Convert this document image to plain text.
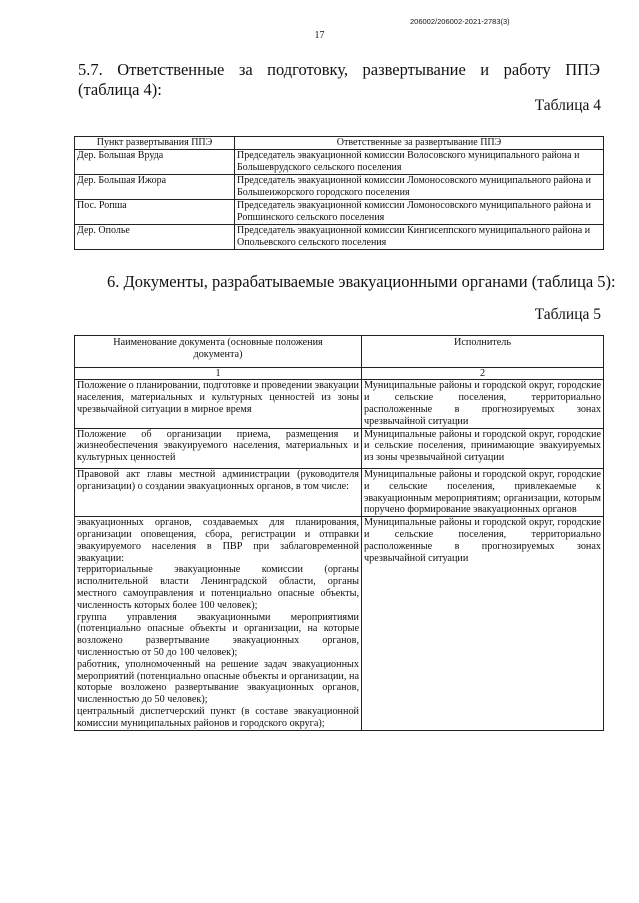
206002/206002-2021-2783(3)
17
5.7. Ответственные за подготовку, развертывание и работу ППЭ
(таблица 4):
Таблица 4
Пункт развертывания ППЭ	Ответственные за развертывание ППЭ
Дер. Большая Вруда	Председатель эвакуационной комиссии Волосовского муниципального района и Большеврудского сельского поселения
Дер. Большая Ижора	Председатель эвакуационной комиссии Ломоносовского муниципального района и Большеижорского городского поселения
Пос. Ропша	Председатель эвакуационной комиссии Ломоносовского муниципального района и Ропшинского сельского поселения
Дер. Ополье	Председатель эвакуационной комиссии Кингисеппского муниципального района и Опольевского сельского поселения
6. Документы, разрабатываемые эвакуационными органами (таблица 5):
Таблица 5
Наименование документа (основные положения документа)	Исполнитель
1	2
Положение о планировании, подготовке и проведении эвакуации населения, материальных и культурных ценностей из зоны чрезвычайной ситуации в мирное время	Муниципальные районы и городской округ, городские и сельские поселения, территориально расположенные в прогнозируемых зонах чрезвычайной ситуации
Положение об организации приема, размещения и жизнеобеспечения эвакуируемого населения, материальных и культурных ценностей	Муниципальные районы и городской округ, городские и сельские поселения, принимающие эвакуируемых из зоны чрезвычайной ситуации
Правовой акт главы местной администрации (руководителя организации) о создании эвакуационных органов, в том числе:	Муниципальные районы и городской округ, городские и сельские поселения, привлекаемые к эвакуационным мероприятиям; организации, которым поручено формирование эвакуационных органов

эвакуационных органов, создаваемых для планирования, организации оповещения, сбора, регистрации и отправки эвакуируемого населения в ПВР при заблаговременной эвакуации:

территориальные эвакуационные комиссии (органы исполнительной власти Ленинградской области, органы местного самоуправления и потенциально опасные объекты, численность которых более 100 человек);

группа управления эвакуационными мероприятиями (потенциально опасные объекты и организации, на которые возложено развертывание эвакуационных органов, численностью от 50 до 100 человек);

работник, уполномоченный на решение задач эвакуационных мероприятий (потенциально опасные объекты и организации, на которые возложено развертывание эвакуационных органов, численностью до 50 человек);

центральный диспетчерский пункт (в составе эвакуационной комиссии муниципальных районов и городского округа);	Муниципальные районы и городской округ, городские и сельские поселения, территориально расположенные в прогнозируемых зонах чрезвычайной ситуации
